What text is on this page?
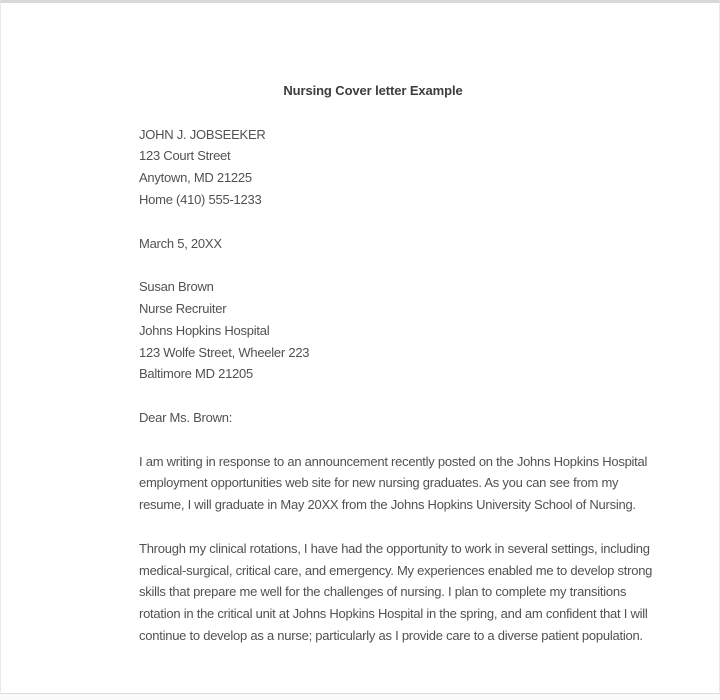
Nursing Cover letter Example
JOHN J. JOBSEEKER
123 Court Street
Anytown, MD 21225
Home (410) 555-1233
March 5, 20XX
Susan Brown
Nurse Recruiter
Johns Hopkins Hospital
123 Wolfe Street, Wheeler 223
Baltimore MD 21205
Dear Ms. Brown:
I am writing in response to an announcement recently posted on the Johns Hopkins Hospital
employment opportunities web site for new nursing graduates. As you can see from my
resume, I will graduate in May 20XX from the Johns Hopkins University School of Nursing.
Through my clinical rotations, I have had the opportunity to work in several settings, including
medical-surgical, critical care, and emergency. My experiences enabled me to develop strong
skills that prepare me well for the challenges of nursing. I plan to complete my transitions
rotation in the critical unit at Johns Hopkins Hospital in the spring, and am confident that I will
continue to develop as a nurse; particularly as I provide care to a diverse patient population.
